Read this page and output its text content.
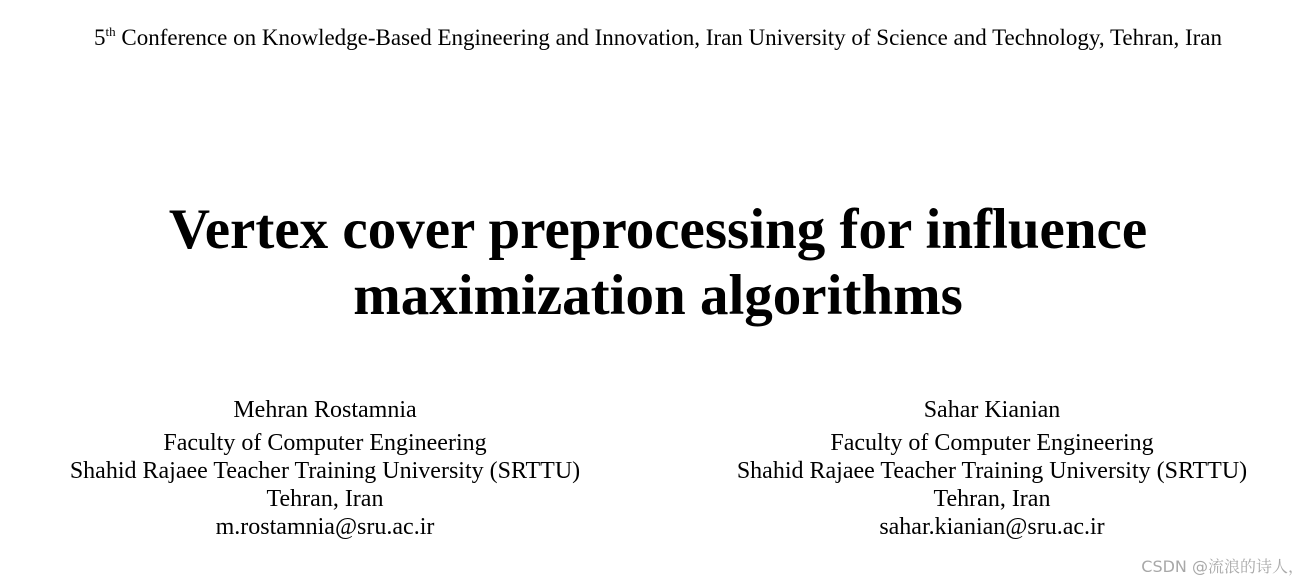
5th Conference on Knowledge-Based Engineering and Innovation, Iran University of Science and Technology, Tehran, Iran
Vertex cover preprocessing for influence
maximization algorithms
Mehran Rostamnia
Faculty of Computer Engineering
Shahid Rajaee Teacher Training University (SRTTU)
Tehran, Iran
m.rostamnia@sru.ac.ir
Sahar Kianian
Faculty of Computer Engineering
Shahid Rajaee Teacher Training University (SRTTU)
Tehran, Iran
sahar.kianian@sru.ac.ir
CSDN @流浪的诗人，
